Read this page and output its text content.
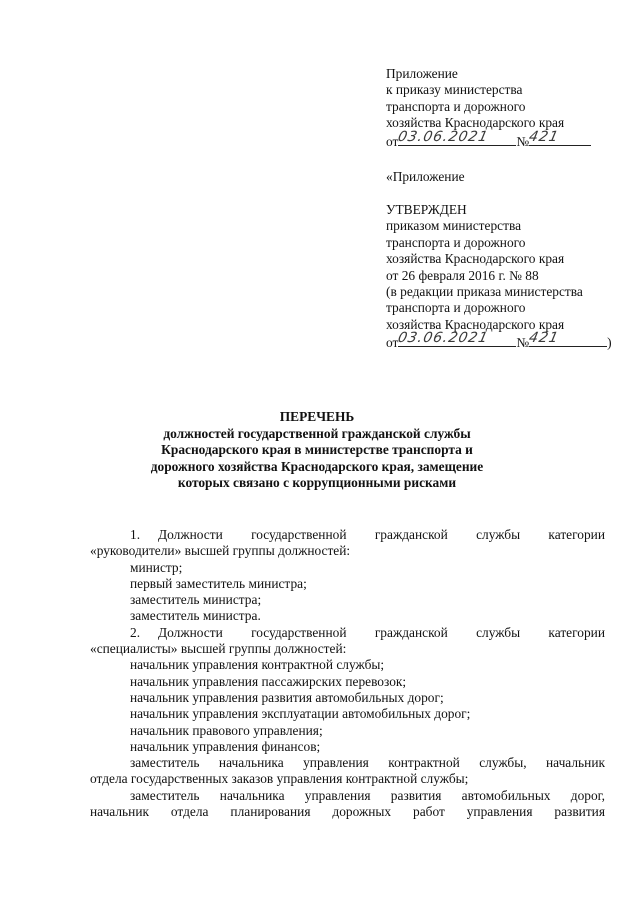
Приложение
к приказу министерства
транспорта и дорожного
хозяйства Краснодарского края
от
03.06.2021 №
421
«Приложение
УТВЕРЖДЕН
приказом министерства
транспорта и дорожного
хозяйства Краснодарского края
от 26 февраля 2016 г. № 88
(в редакции приказа министерства
транспорта и дорожного
хозяйства Краснодарского края
от
03.06.2021 №
421	)
ПЕРЕЧЕНЬ
должностей государственной гражданской службы
Краснодарского края в министерстве транспорта и
дорожного хозяйства Краснодарского края, замещение
которых связано с коррупционными рисками
1. Должности государственной гражданской службы категории
«руководители» высшей группы должностей:
министр;
первый заместитель министра;
заместитель министра;
заместитель министра.
2. Должности государственной гражданской службы категории
«специалисты» высшей группы должностей:
начальник управления контрактной службы;
начальник управления пассажирских перевозок;
начальник управления развития автомобильных дорог;
начальник управления эксплуатации автомобильных дорог;
начальник правового управления;
начальник управления финансов;
заместитель начальника управления контрактной службы, начальник
отдела государственных заказов управления контрактной службы;
заместитель начальника управления развития автомобильных дорог,
начальник отдела планирования дорожных работ управления развития
